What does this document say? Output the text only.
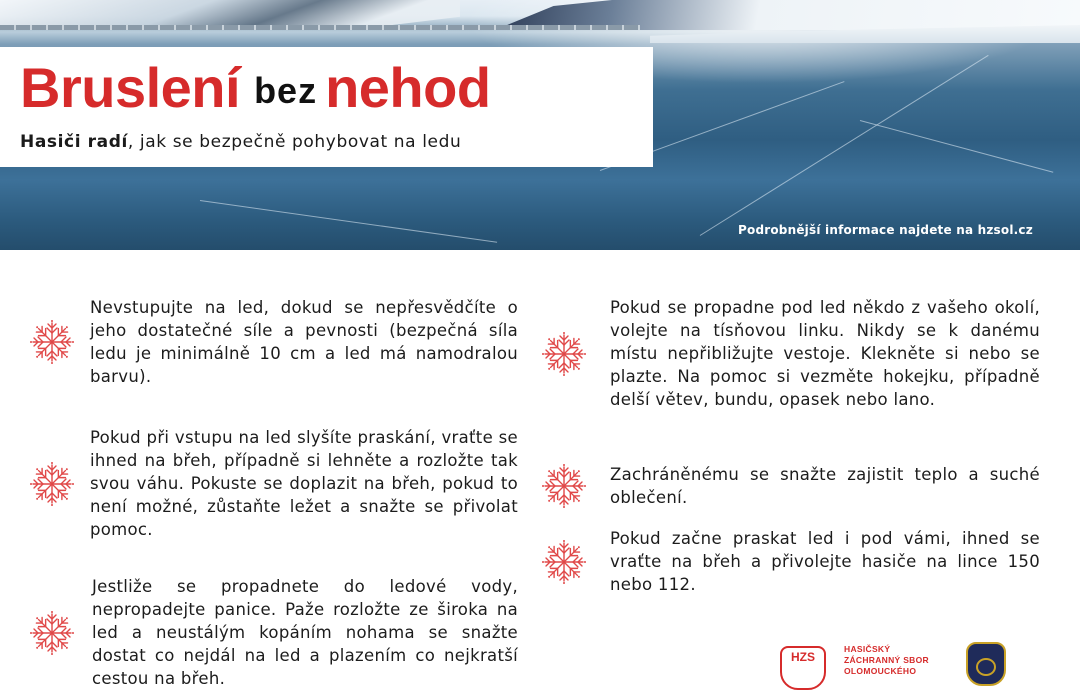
Bruslení bez nehod
Hasiči radí, jak se bezpečně pohybovat na ledu
Podrobnější informace najdete na hzsol.cz

Nevstupujte na led, dokud se nepřesvědčíte o jeho dostatečné síle a pevnosti (bezpečná síla ledu je minimálně 10 cm a led má namodralou barvu).

Pokud při vstupu na led slyšíte praskání, vraťte se ihned na břeh, případně si lehněte a rozložte tak svou váhu. Pokuste se doplazit na břeh, pokud to není možné, zůstaňte ležet a snažte se přivolat pomoc.

Jestliže se propadnete do ledové vody, nepropadejte panice. Paže rozložte ze široka na led a neustálým kopáním nohama se snažte dostat co nejdál na led a plazením co nejkratší cestou na břeh.

Pokud se propadne pod led někdo z vašeho okolí, volejte na tísňovou linku. Nikdy se k danému místu nepřibližujte vestoje. Klekněte si nebo se plazte. Na pomoc si vezměte hokejku, případně delší větev, bundu, opasek nebo lano.

Zachráněnému se snažte zajistit teplo a suché oblečení.

Pokud začne praskat led i pod vámi, ihned se vraťte na břeh a přivolejte hasiče na lince 150 nebo 112.

HZS
HASIČSKÝ
ZÁCHRANNÝ SBOR
OLOMOUCKÉHO
